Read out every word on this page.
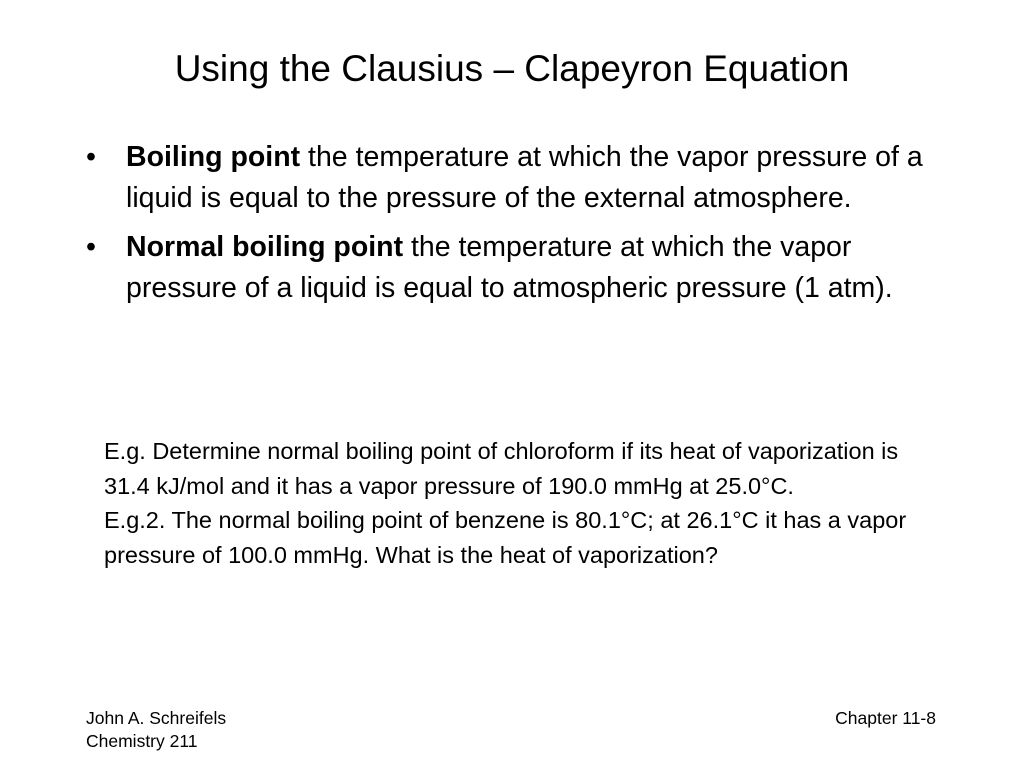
Using the Clausius – Clapeyron Equation
• Boiling point the temperature at which the vapor pressure of a liquid is equal to the pressure of the external atmosphere.
• Normal boiling point the temperature at which the vapor pressure of a liquid is equal to atmospheric pressure (1 atm).

E.g. Determine normal boiling point of chloroform if its heat of vaporization is 31.4 kJ/mol and it has a vapor pressure of 190.0 mmHg at 25.0°C.

E.g.2. The normal boiling point of benzene is 80.1°C; at 26.1°C it has a vapor pressure of 100.0 mmHg. What is the heat of vaporization?

John A. Schreifels
Chemistry 211
Chapter 11-8
